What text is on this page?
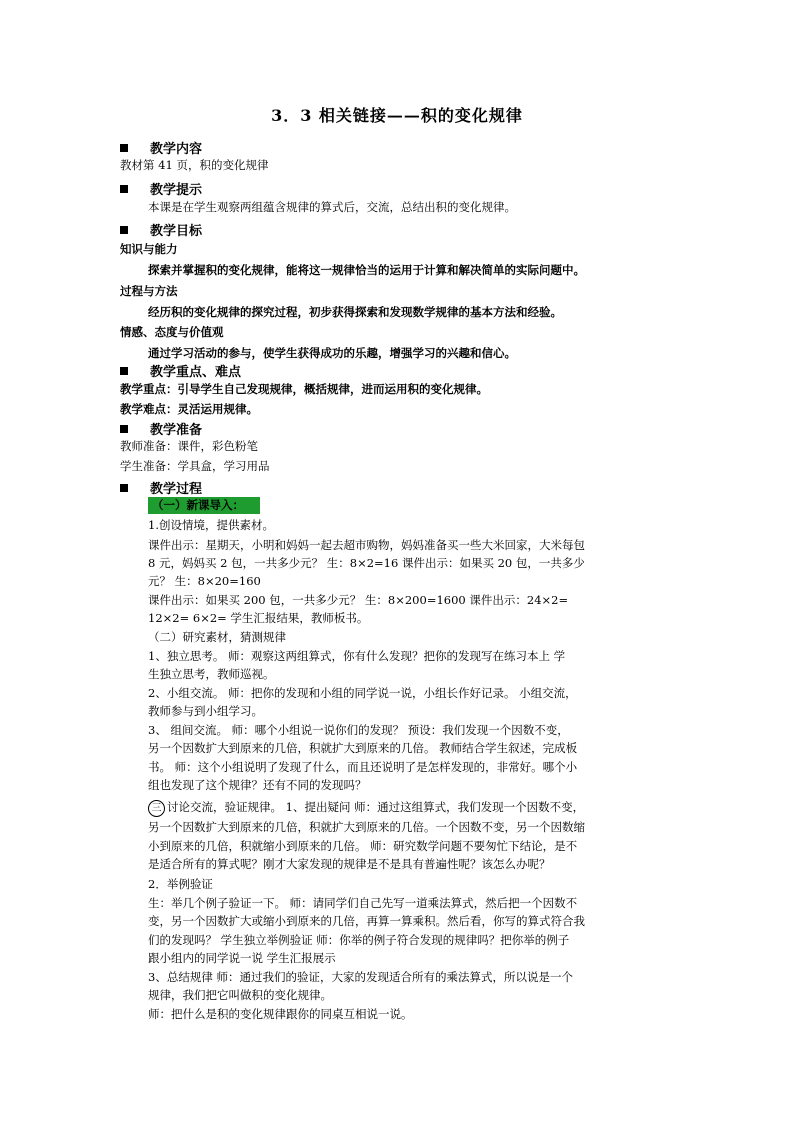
3．3 相关链接——积的变化规律
教学内容
教材第 41 页，积的变化规律
教学提示
本课是在学生观察两组蕴含规律的算式后，交流，总结出积的变化规律。
教学目标
知识与能力
探索并掌握积的变化规律，能将这一规律恰当的运用于计算和解决简单的实际问题中。
过程与方法
经历积的变化规律的探究过程，初步获得探索和发现数学规律的基本方法和经验。
情感、态度与价值观
通过学习活动的参与，使学生获得成功的乐趣，增强学习的兴趣和信心。
教学重点、难点
教学重点：引导学生自己发现规律，概括规律，进而运用积的变化规律。
教学难点：灵活运用规律。
教学准备
教师准备：课件，彩色粉笔
学生准备：学具盒，学习用品
教学过程
（一）新课导入：
1.创设情境，提供素材。
课件出示：星期天，小明和妈妈一起去超市购物，妈妈准备买一些大米回家，大米每包
8 元，妈妈买 2 包，一共多少元？ 生：8×2=16 课件出示：如果买 20 包，一共多少
元？ 生：8×20=160
课件出示：如果买 200 包，一共多少元？ 生：8×200=1600 课件出示：24×2=
12×2= 6×2= 学生汇报结果，教师板书。
（二）研究素材，猜测规律
1、独立思考。 师：观察这两组算式，你有什么发现？把你的发现写在练习本上 学
生独立思考，教师巡视。
2、小组交流。 师：把你的发现和小组的同学说一说，小组长作好记录。 小组交流，
教师参与到小组学习。
3、 组间交流。 师：哪个小组说一说你们的发现？ 预设：我们发现一个因数不变，
另一个因数扩大到原来的几倍，积就扩大到原来的几倍。 教师结合学生叙述，完成板
书。 师：这个小组说明了发现了什么，而且还说明了是怎样发现的，非常好。哪个小
组也发现了这个规律？还有不同的发现吗？
三 讨论交流，验证规律。 1、提出疑问 师：通过这组算式，我们发现一个因数不变，
另一个因数扩大到原来的几倍，积就扩大到原来的几倍。一个因数不变，另一个因数缩
小到原来的几倍，积就缩小到原来的几倍。 师：研究数学问题不要匆忙下结论，是不
是适合所有的算式呢？刚才大家发现的规律是不是具有普遍性呢？该怎么办呢？
2．举例验证
生：举几个例子验证一下。 师：请同学们自己先写一道乘法算式，然后把一个因数不
变，另一个因数扩大或缩小到原来的几倍，再算一算乘积。然后看，你写的算式符合我
们的发现吗？ 学生独立举例验证 师：你举的例子符合发现的规律吗？把你举的例子
跟小组内的同学说一说 学生汇报展示
3、总结规律 师：通过我们的验证，大家的发现适合所有的乘法算式，所以说是一个
规律，我们把它叫做积的变化规律。
师：把什么是积的变化规律跟你的同桌互相说一说。
